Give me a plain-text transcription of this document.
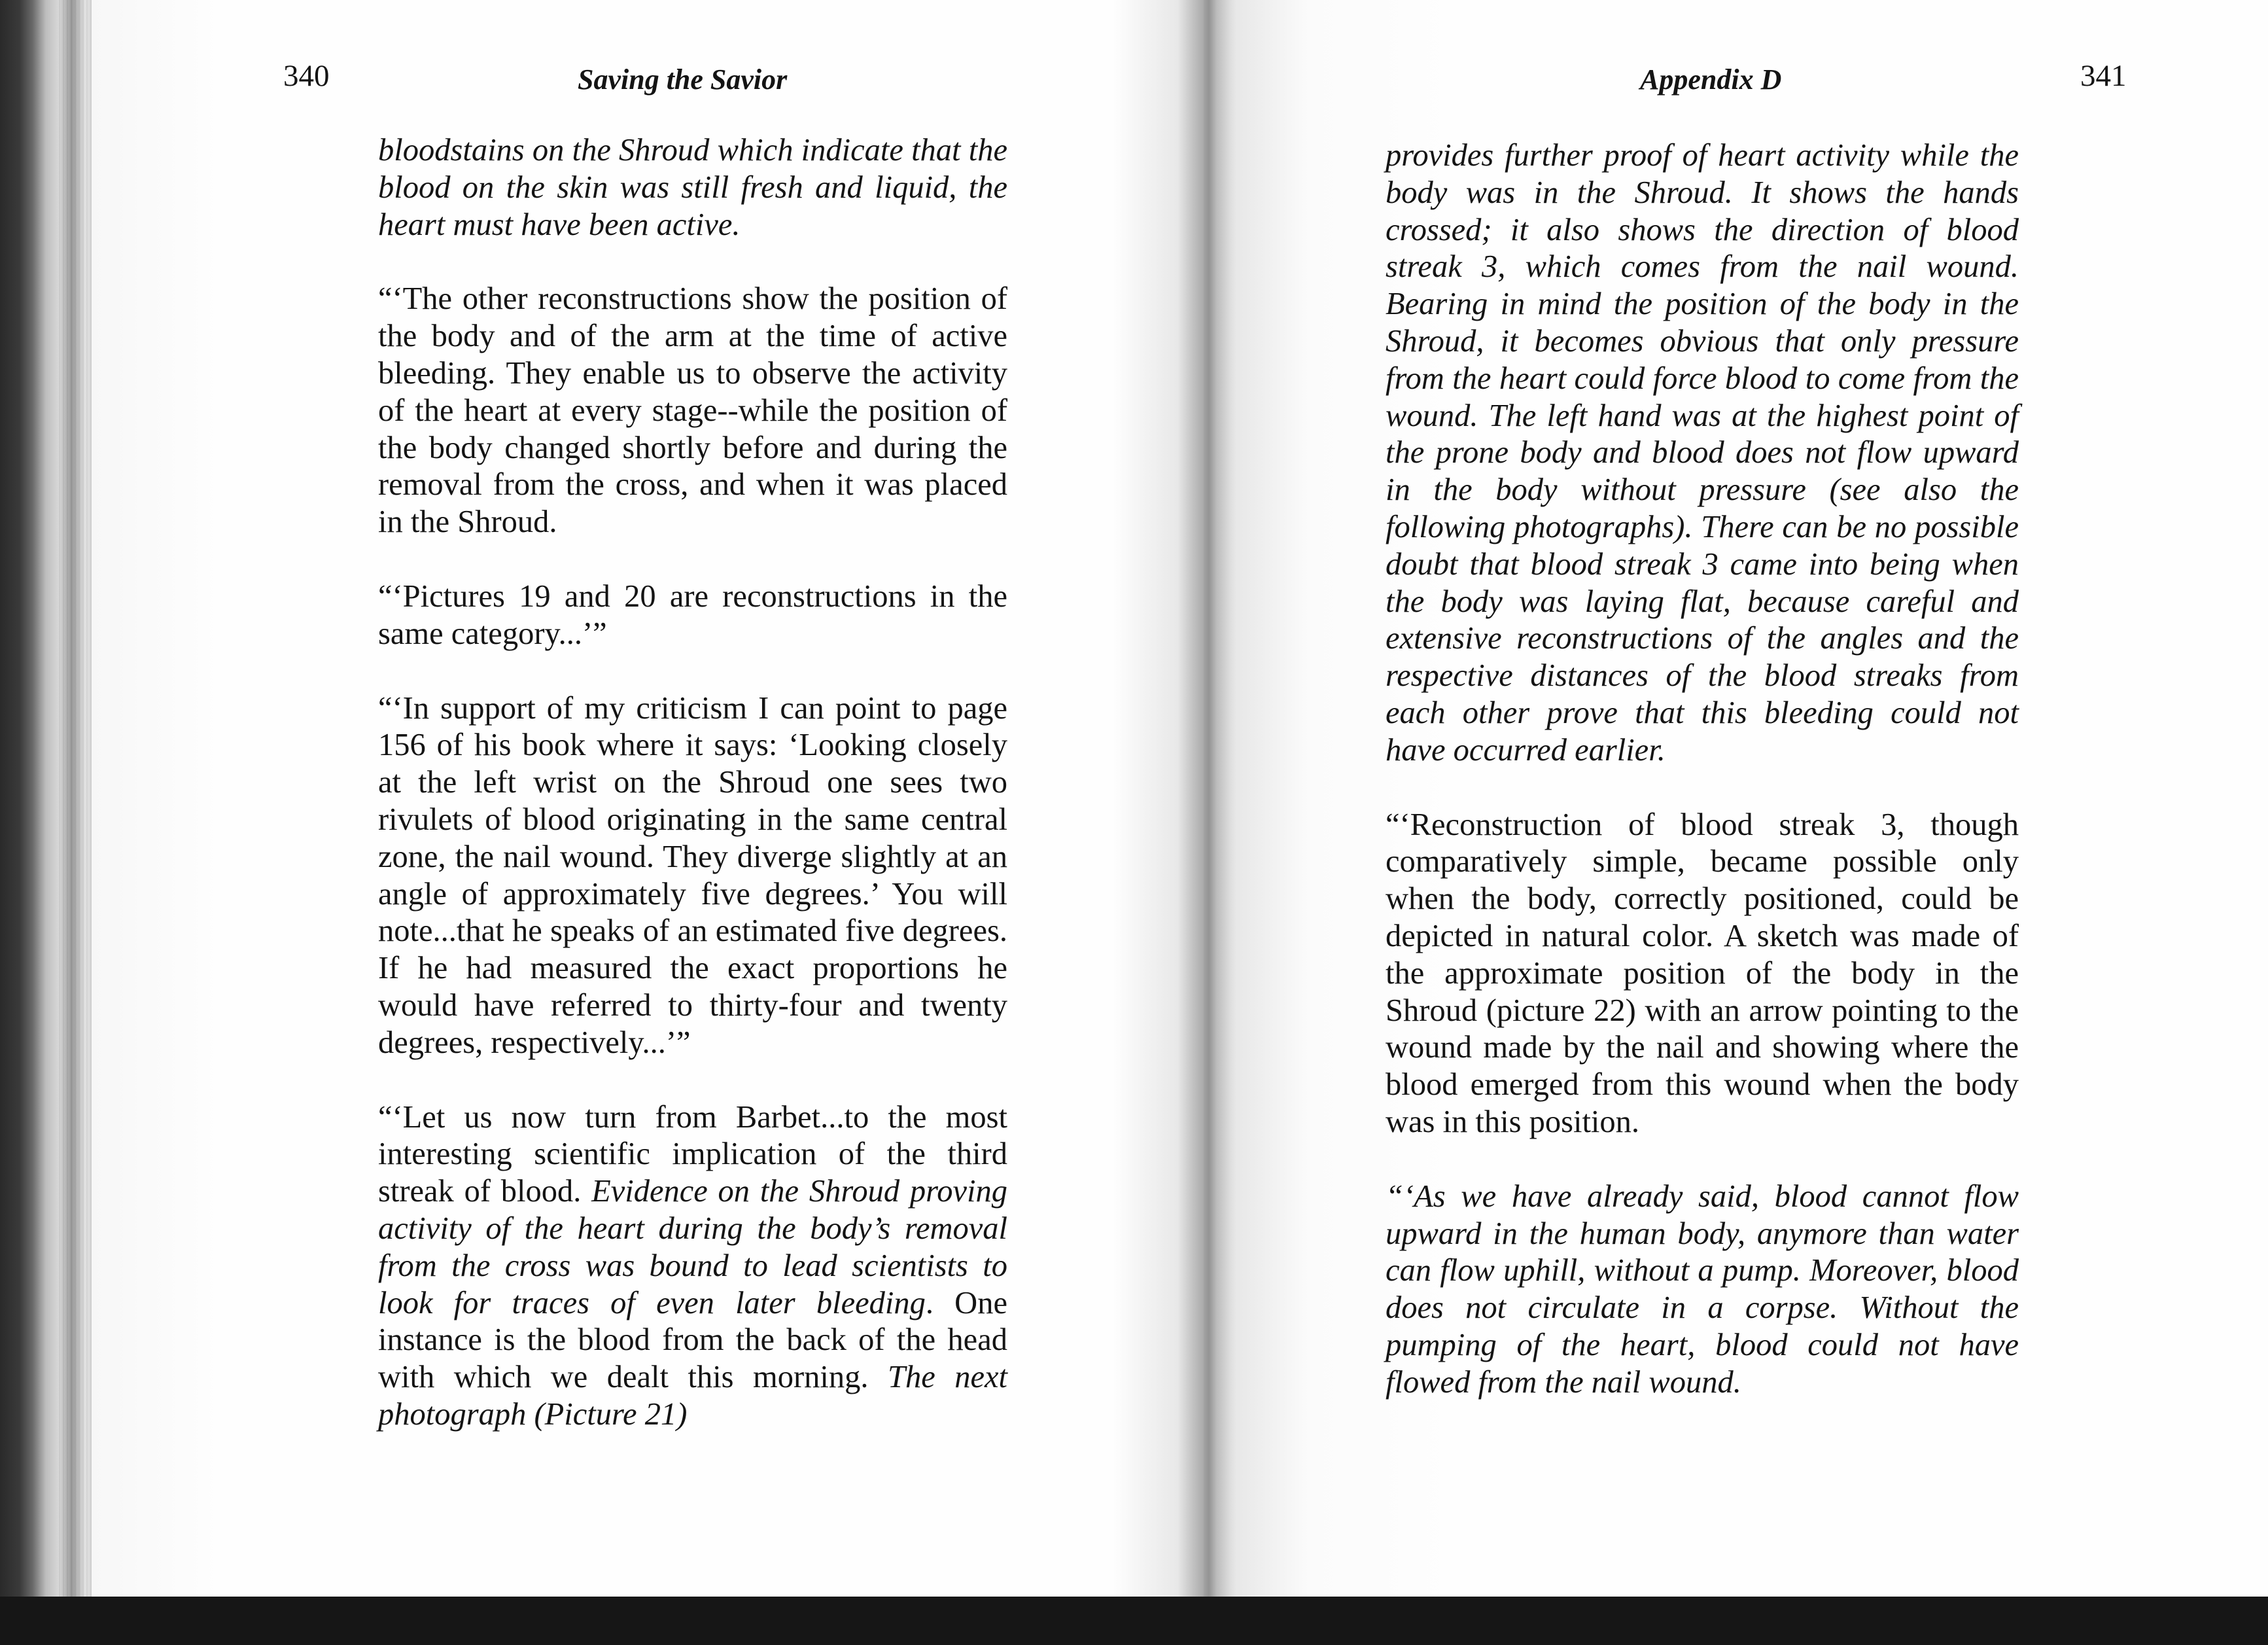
340	Saving the Savior	Appendix D	341

bloodstains on the Shroud which indicate that the blood on the skin was still fresh and liquid, the heart must have been active.

“‘The other reconstructions show the position of the body and of the arm at the time of active bleeding. They enable us to observe the activity of the heart at every stage--while the position of the body changed shortly before and during the removal from the cross, and when it was placed in the Shroud.

“‘Pictures 19 and 20 are reconstructions in the same category...’”

“‘In support of my criticism I can point to page 156 of his book where it says: ‘Looking closely at the left wrist on the Shroud one sees two rivulets of blood originating in the same central zone, the nail wound. They diverge slightly at an angle of approximately five degrees.’ You will note...that he speaks of an estimated five degrees. If he had measured the exact proportions he would have referred to thirty-four and twenty degrees, respectively...’”

“‘Let us now turn from Barbet...to the most interesting scientific implication of the third streak of blood. Evidence on the Shroud proving activity of the heart during the body’s removal from the cross was bound to lead scientists to look for traces of even later bleeding. One instance is the blood from the back of the head with which we dealt this morning. The next photograph (Picture 21)

provides further proof of heart activity while the body was in the Shroud. It shows the hands crossed; it also shows the direction of blood streak 3, which comes from the nail wound. Bearing in mind the position of the body in the Shroud, it becomes obvious that only pressure from the heart could force blood to come from the wound. The left hand was at the highest point of the prone body and blood does not flow upward in the body without pressure (see also the following photographs). There can be no possible doubt that blood streak 3 came into being when the body was laying flat, because careful and extensive reconstructions of the angles and the respective distances of the blood streaks from each other prove that this bleeding could not have occurred earlier.

“‘Reconstruction of blood streak 3, though comparatively simple, became possible only when the body, correctly positioned, could be depicted in natural color. A sketch was made of the approximate position of the body in the Shroud (picture 22) with an arrow pointing to the wound made by the nail and showing where the blood emerged from this wound when the body was in this position.

“‘As we have already said, blood cannot flow upward in the human body, anymore than water can flow uphill, without a pump. Moreover, blood does not circulate in a corpse. Without the pumping of the heart, blood could not have flowed from the nail wound.
